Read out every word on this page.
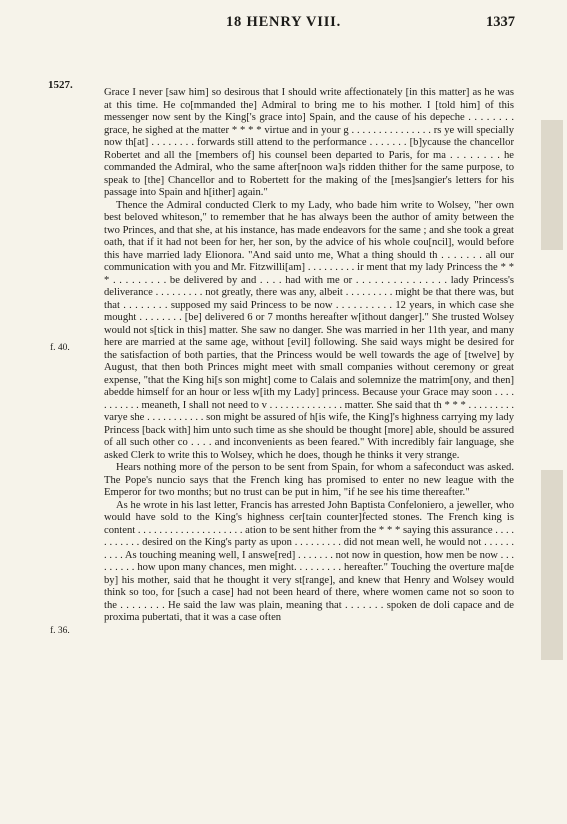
18 HENRY VIII.	1337
1527.
f. 40.
f. 36.

Grace I never [saw him] so desirous that I should write affectionately [in this matter] as he was at this time. He co[mmanded the] Admiral to bring me to his mother. I [told him] of this messenger now sent by the King['s grace into] Spain, and the cause of his depeche . . . . . . . . grace, he sighed at the matter * * * * virtue and in your g . . . . . . . . . . . . . . . rs ye will specially now th[at] . . . . . . . . forwards still attend to the performance . . . . . . . [b]ycause the chancellor Robertet and all the [members of] his counsel been departed to Paris, for ma . . . . . . . . he commanded the Admiral, who the same after[noon wa]s ridden thither for the same purpose, to speak to [the] Chancellor and to Robertett for the making of the [mes]sangier's letters for his passage into Spain and h[ither] again."

Thence the Admiral conducted Clerk to my Lady, who bade him write to Wolsey, "her own best beloved whiteson," to remember that he has always been the author of amity between the two Princes, and that she, at his instance, has made endeavors for the same ; and she took a great oath, that if it had not been for her, her son, by the advice of his whole cou[ncil], would before this have married lady Elionora. "And said unto me, What a thing should th . . . . . . . all our communication with you and Mr. Fitzwilli[am] . . . . . . . . . ir ment that my lady Princess the * * * . . . . . . . . . be delivered by and . . . . had with me or . . . . . . . . . . . . . . . lady Princess's deliverance . . . . . . . . . not greatly, there was any, albeit . . . . . . . . . might be that there was, but that . . . . . . . . supposed my said Princess to be now . . . . . . . . . . 12 years, in which case she mought . . . . . . . . [be] delivered 6 or 7 months hereafter w[ithout danger]." She trusted Wolsey would not s[tick in this] matter. She saw no danger. She was married in her 11th year, and many here are married at the same age, without [evil] following. She said ways might be desired for the satisfaction of both parties, that the Princess would be well towards the age of [twelve] by August, that then both Princes might meet with small companies without ceremony or great expense, "that the King hi[s son might] come to Calais and solemnize the matrim[ony, and then] abedde himself for an hour or less w[ith my Lady] princess. Because your Grace may soon . . . . . . . . . . . meaneth, I shall not need to v . . . . . . . . . . . . . . matter. She said that th * * * . . . . . . . . . varye she . . . . . . . . . . . son might be assured of h[is wife, the King]'s highness carrying my lady Princess [back with] him unto such time as she should be thought [more] able, should be assured of all such other co . . . . and inconvenients as been feared." With incredibly fair language, she asked Clerk to write this to Wolsey, which he does, though he thinks it very strange.

Hears nothing more of the person to be sent from Spain, for whom a safeconduct was asked. The Pope's nuncio says that the French king has promised to enter no new league with the Emperor for two months; but no trust can be put in him, "if he see his time thereafter."

As he wrote in his last letter, Francis has arrested John Baptista Confeloniero, a jeweller, who would have sold to the King's highness cer[tain counter]fected stones. The French king is content . . . . . . . . . . . . . . . . . . . . ation to be sent hither from the * * * saying this assurance . . . . . . . . . . . desired on the King's party as upon . . . . . . . . . did not mean well, he would not . . . . . . . . . . As touching meaning well, I answe[red] . . . . . . . not now in question, how men be now . . . . . . . . . how upon many chances, men might. . . . . . . . . hereafter." Touching the overture ma[de by] his mother, said that he thought it very st[range], and knew that Henry and Wolsey would think so too, for [such a case] had not been heard of there, where women came not so soon to the . . . . . . . . He said the law was plain, meaning that . . . . . . . spoken de doli capace and de proxima pubertati, that it was a case often
